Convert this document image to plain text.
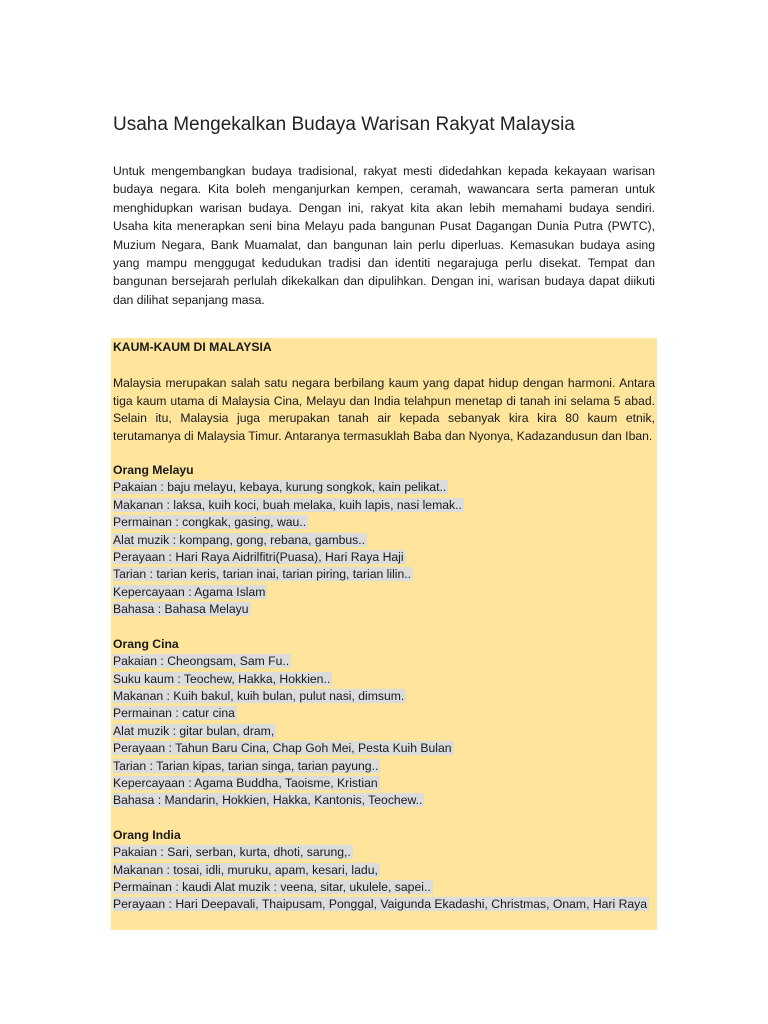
Usaha Mengekalkan Budaya Warisan Rakyat Malaysia

Untuk mengembangkan budaya tradisional, rakyat mesti didedahkan kepada kekayaan warisan budaya negara. Kita boleh menganjurkan kempen, ceramah, wawancara serta pameran untuk menghidupkan warisan budaya. Dengan ini, rakyat kita akan lebih memahami budaya sendiri. Usaha kita menerapkan seni bina Melayu pada bangunan Pusat Dagangan Dunia Putra (PWTC), Muzium Negara, Bank Muamalat, dan bangunan lain perlu diperluas. Kemasukan budaya asing yang mampu menggugat kedudukan tradisi dan identiti negarajuga perlu disekat. Tempat dan bangunan bersejarah perlulah dikekalkan dan dipulihkan. Dengan ini, warisan budaya dapat diikuti dan dilihat sepanjang masa.

KAUM-KAUM DI MALAYSIA
Malaysia merupakan salah satu negara berbilang kaum yang dapat hidup dengan harmoni. Antara tiga kaum utama di Malaysia Cina, Melayu dan India telahpun menetap di tanah ini selama 5 abad. Selain itu, Malaysia juga merupakan tanah air kepada sebanyak kira kira 80 kaum etnik, terutamanya di Malaysia Timur. Antaranya termasuklah Baba dan Nyonya, Kadazandusun dan Iban.
Orang Melayu
Pakaian : baju melayu, kebaya, kurung songkok, kain pelikat..
Makanan : laksa, kuih koci, buah melaka, kuih lapis, nasi lemak..
Permainan : congkak, gasing, wau..
Alat muzik : kompang, gong, rebana, gambus..
Perayaan : Hari Raya Aidrilfitri(Puasa), Hari Raya Haji
Tarian : tarian keris, tarian inai, tarian piring, tarian lilin..
Kepercayaan : Agama Islam
Bahasa : Bahasa Melayu
Orang Cina
Pakaian : Cheongsam, Sam Fu..
Suku kaum : Teochew, Hakka, Hokkien..
Makanan : Kuih bakul, kuih bulan, pulut nasi, dimsum.
Permainan : catur cina
Alat muzik : gitar bulan, dram,
Perayaan : Tahun Baru Cina, Chap Goh Mei, Pesta Kuih Bulan
Tarian : Tarian kipas, tarian singa, tarian payung..
Kepercayaan : Agama Buddha, Taoisme, Kristian
Bahasa : Mandarin, Hokkien, Hakka, Kantonis, Teochew..
Orang India
Pakaian : Sari, serban, kurta, dhoti, sarung,.
Makanan : tosai, idli, muruku, apam, kesari, ladu,
Permainan : kaudi Alat muzik : veena, sitar, ukulele, sapei..
Perayaan : Hari Deepavali, Thaipusam, Ponggal, Vaigunda Ekadashi, Christmas, Onam, Hari Raya
